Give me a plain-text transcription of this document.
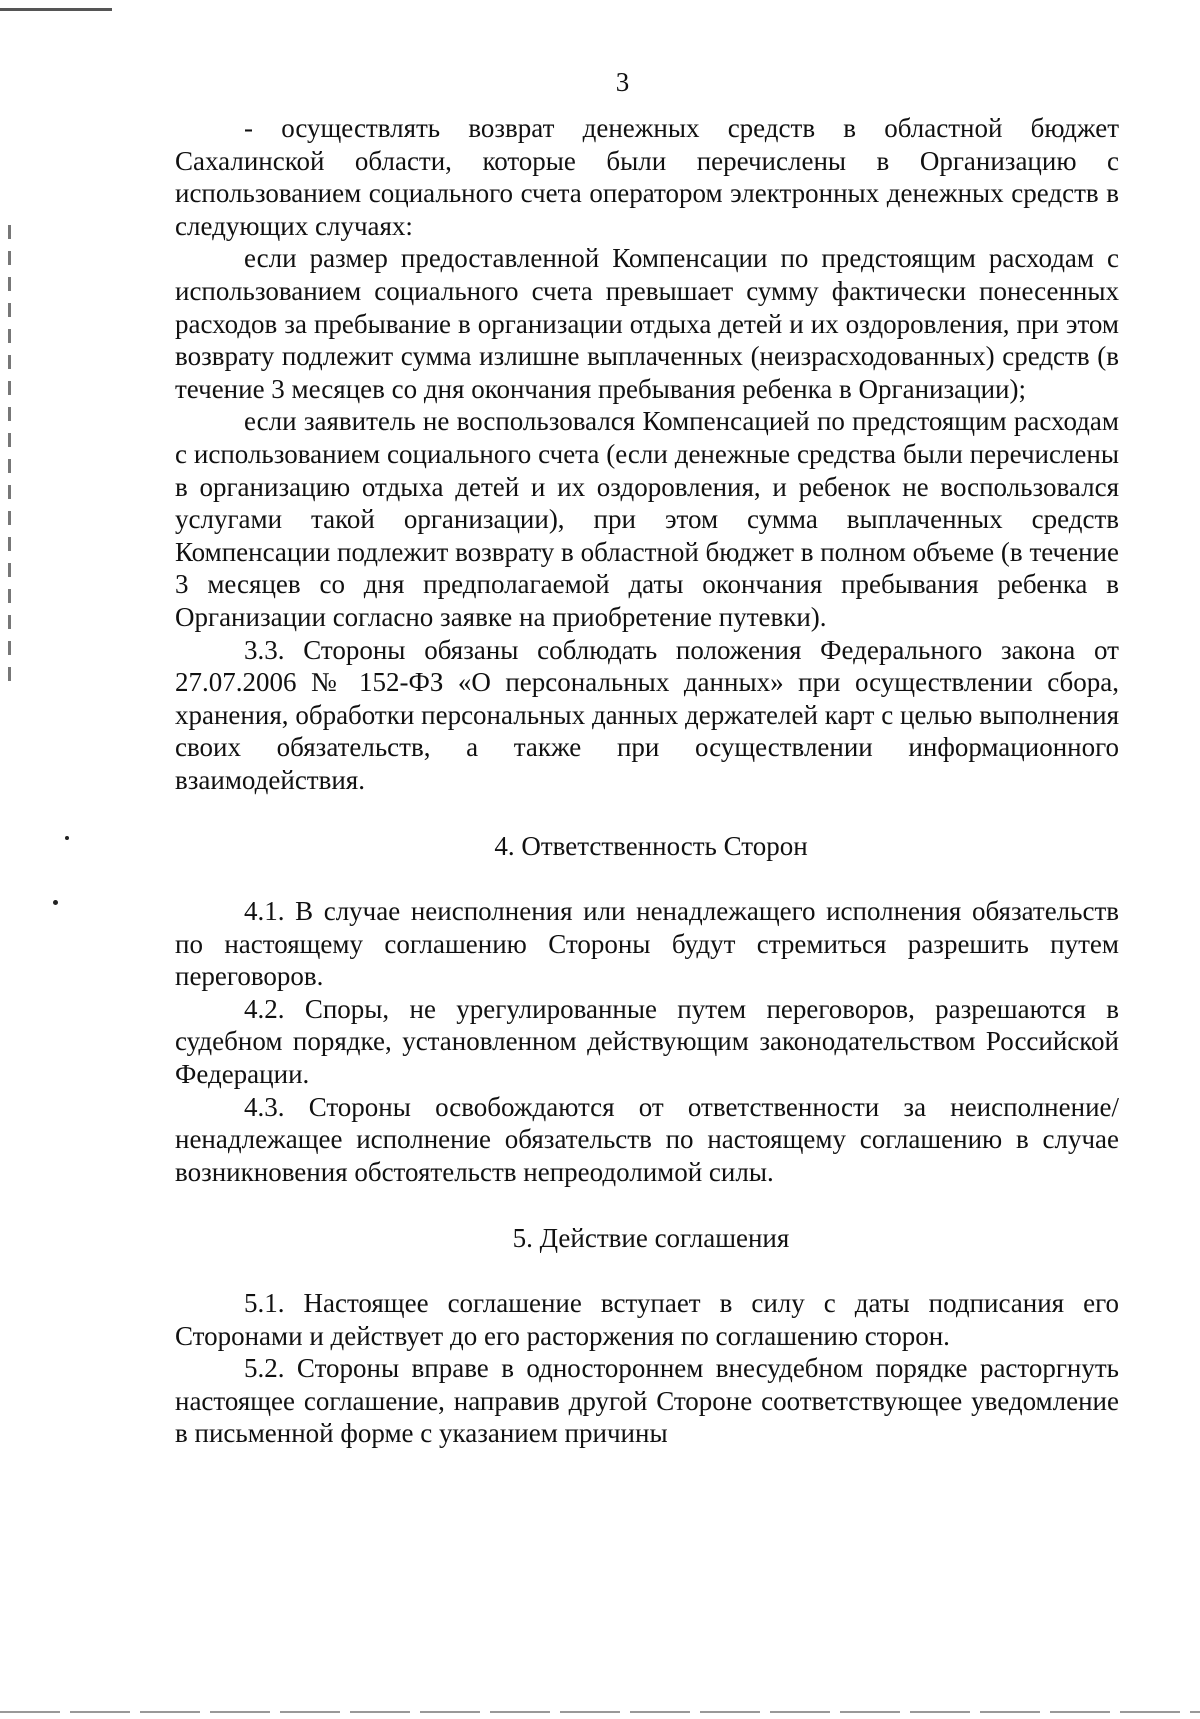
3

- осуществлять возврат денежных средств в областной бюджет Сахалинской области, которые были перечислены в Организацию с использованием социального счета оператором электронных денежных средств в следующих случаях:

если размер предоставленной Компенсации по предстоящим расходам с использованием социального счета превышает сумму фактически понесенных расходов за пребывание в организации отдыха детей и их оздоровления, при этом возврату подлежит сумма излишне выплаченных (неизрасходованных) средств (в течение 3 месяцев со дня окончания пребывания ребенка в Организации);

если заявитель не воспользовался Компенсацией по предстоящим расходам с использованием социального счета (если денежные средства были перечислены в организацию отдыха детей и их оздоровления, и ребенок не воспользовался услугами такой организации), при этом сумма выплаченных средств Компенсации подлежит возврату в областной бюджет в полном объеме (в течение 3 месяцев со дня предполагаемой даты окончания пребывания ребенка в Организации согласно заявке на приобретение путевки).

3.3. Стороны обязаны соблюдать положения Федерального закона от 27.07.2006 № 152-ФЗ «О персональных данных» при осуществлении сбора, хранения, обработки персональных данных держателей карт с целью выполнения своих обязательств, а также при осуществлении информационного взаимодействия.

4. Ответственность Сторон

4.1. В случае неисполнения или ненадлежащего исполнения обязательств по настоящему соглашению Стороны будут стремиться разрешить путем переговоров.

4.2. Споры, не урегулированные путем переговоров, разрешаются в судебном порядке, установленном действующим законодательством Российской Федерации.

4.3. Стороны освобождаются от ответственности за неисполнение/ненадлежащее исполнение обязательств по настоящему соглашению в случае возникновения обстоятельств непреодолимой силы.

5. Действие соглашения

5.1. Настоящее соглашение вступает в силу с даты подписания его Сторонами и действует до его расторжения по соглашению сторон.

5.2. Стороны вправе в одностороннем внесудебном порядке расторгнуть настоящее соглашение, направив другой Стороне соответствующее уведомление в письменной форме с указанием причины
